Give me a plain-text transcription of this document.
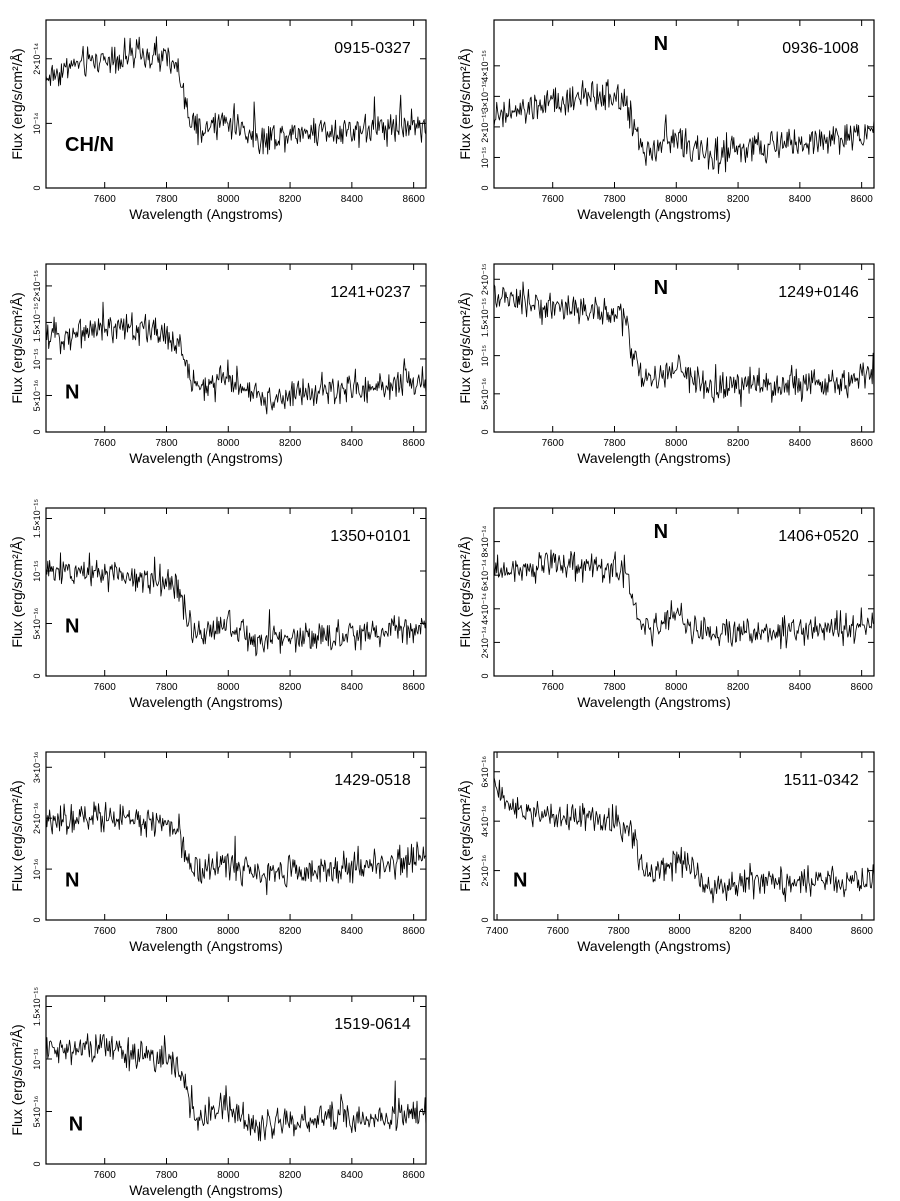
7600	7800	8000	8200	8400	8600
0
10⁻¹⁴
2×10⁻¹⁴
Wavelength (Angstroms)
Flux (erg/s/cm²/Å)
0915-0327
CH/N
7600	7800	8000	8200	8400	8600
0
10⁻¹⁵
2×10⁻¹⁵
3×10⁻¹⁵
4×10⁻¹⁵
Wavelength (Angstroms)
Flux (erg/s/cm²/Å)
0936-1008
N
7600	7800	8000	8200	8400	8600
0
5×10⁻¹⁶
10⁻¹⁵
1.5×10⁻¹⁵
2×10⁻¹⁵
Wavelength (Angstroms)
Flux (erg/s/cm²/Å)
1241+0237
N
7600	7800	8000	8200	8400	8600
0
5×10⁻¹⁶
10⁻¹⁵
1.5×10⁻¹⁵
2×10⁻¹⁵
Wavelength (Angstroms)
Flux (erg/s/cm²/Å)
1249+0146
N
7600	7800	8000	8200	8400	8600
0
5×10⁻¹⁶
10⁻¹⁵
1.5×10⁻¹⁵
Wavelength (Angstroms)
Flux (erg/s/cm²/Å)
1350+0101
N
7600	7800	8000	8200	8400	8600
0
2×10⁻¹⁴
4×10⁻¹⁴
6×10⁻¹⁴
8×10⁻¹⁴
Wavelength (Angstroms)
Flux (erg/s/cm²/Å)
1406+0520
N
7600	7800	8000	8200	8400	8600
0
10⁻¹⁶
2×10⁻¹⁶
3×10⁻¹⁶
Wavelength (Angstroms)
Flux (erg/s/cm²/Å)
1429-0518
N
7400	7600	7800	8000	8200	8400	8600
0
2×10⁻¹⁶
4×10⁻¹⁶
6×10⁻¹⁶
Wavelength (Angstroms)
Flux (erg/s/cm²/Å)
1511-0342
N
7600	7800	8000	8200	8400	8600
0
5×10⁻¹⁶
10⁻¹⁵
1.5×10⁻¹⁵
Wavelength (Angstroms)
Flux (erg/s/cm²/Å)
1519-0614
N
